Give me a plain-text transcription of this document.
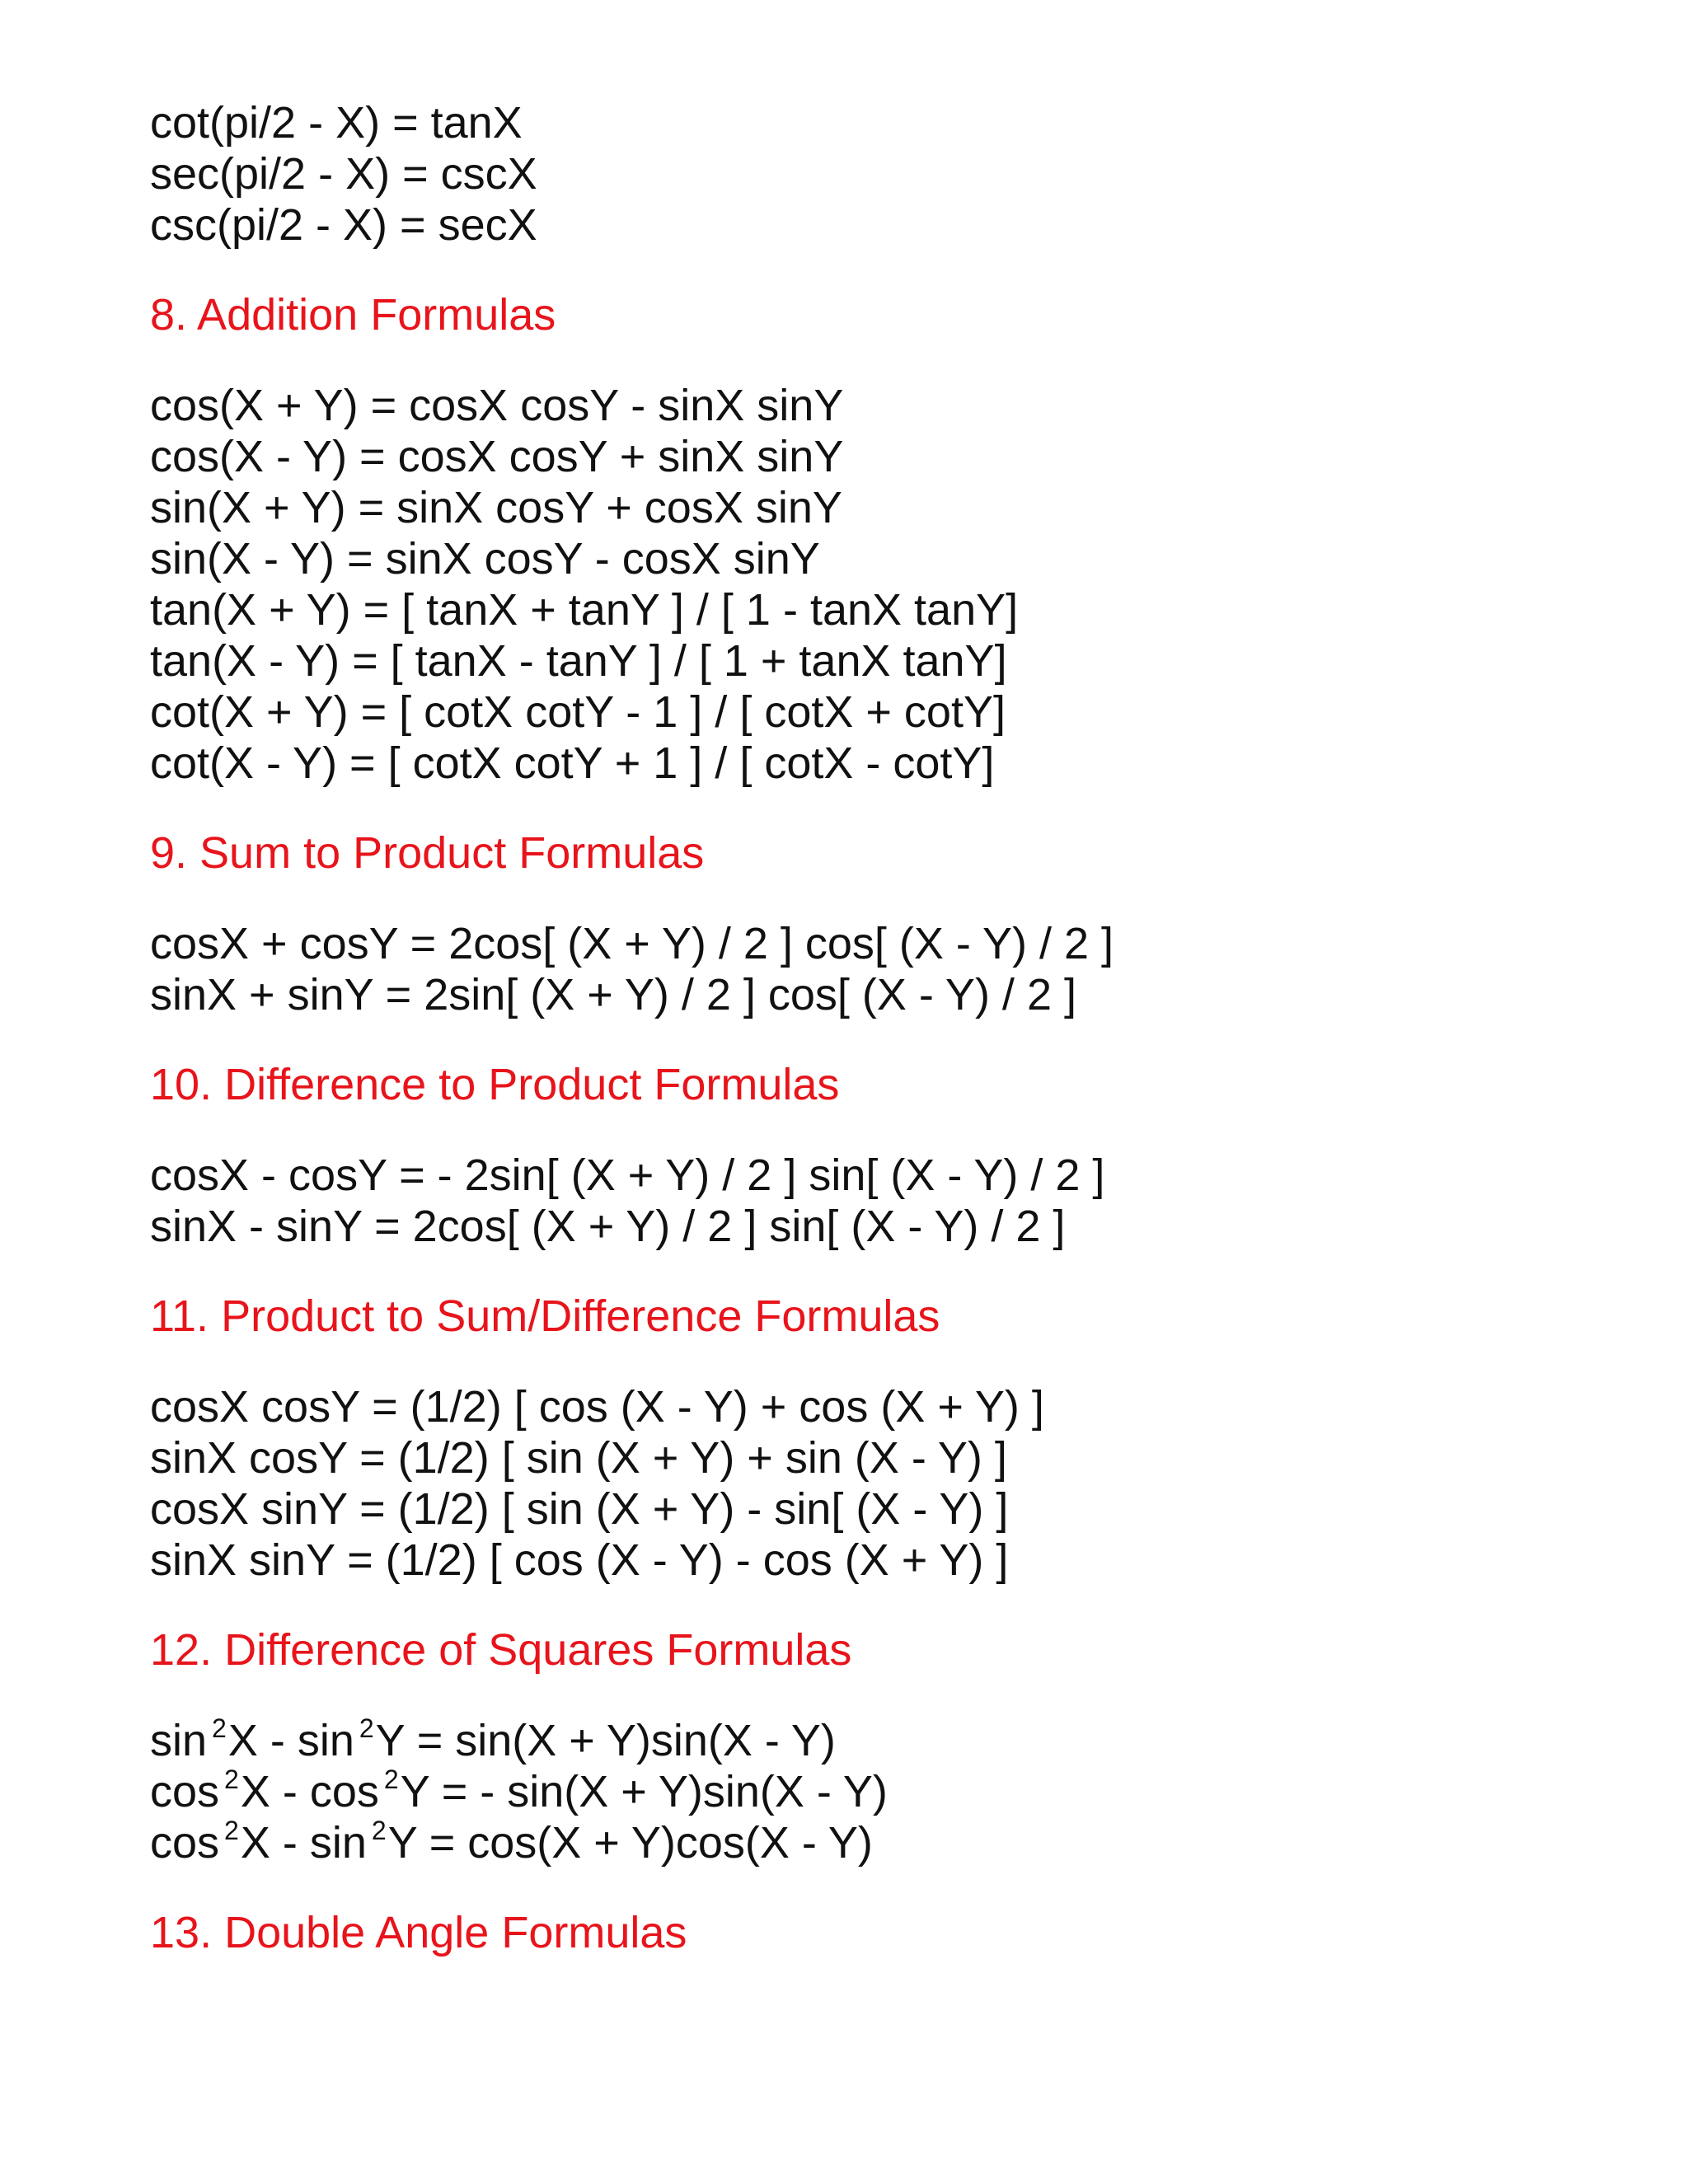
cot(pi/2 - X) = tanX
sec(pi/2 - X) = cscX
csc(pi/2 - X) = secX
8. Addition Formulas
cos(X + Y) = cosX cosY - sinX sinY
cos(X - Y) = cosX cosY + sinX sinY
sin(X + Y) = sinX cosY + cosX sinY
sin(X - Y) = sinX cosY - cosX sinY
tan(X + Y) = [ tanX + tanY ] / [ 1 - tanX tanY]
tan(X - Y) = [ tanX - tanY ] / [ 1 + tanX tanY]
cot(X + Y) = [ cotX cotY - 1 ] / [ cotX + cotY]
cot(X - Y) = [ cotX cotY + 1 ] / [ cotX - cotY]
9. Sum to Product Formulas
cosX + cosY = 2cos[ (X + Y) / 2 ] cos[ (X - Y) / 2 ]
sinX + sinY = 2sin[ (X + Y) / 2 ] cos[ (X - Y) / 2 ]
10. Difference to Product Formulas
cosX - cosY = - 2sin[ (X + Y) / 2 ] sin[ (X - Y) / 2 ]
sinX - sinY = 2cos[ (X + Y) / 2 ] sin[ (X - Y) / 2 ]
11. Product to Sum/Difference Formulas
cosX cosY = (1/2) [ cos (X - Y) + cos (X + Y) ]
sinX cosY = (1/2) [ sin (X + Y) + sin (X - Y) ]
cosX sinY = (1/2) [ sin (X + Y) - sin[ (X - Y) ]
sinX sinY = (1/2) [ cos (X - Y) - cos (X + Y) ]
12. Difference of Squares Formulas
sin $^2$X - sin $^2$Y = sin(X + Y)sin(X - Y)
cos $^2$X - cos $^2$Y = - sin(X + Y)sin(X - Y)
cos $^2$X - sin $^2$Y = cos(X + Y)cos(X - Y)
13. Double Angle Formulas
